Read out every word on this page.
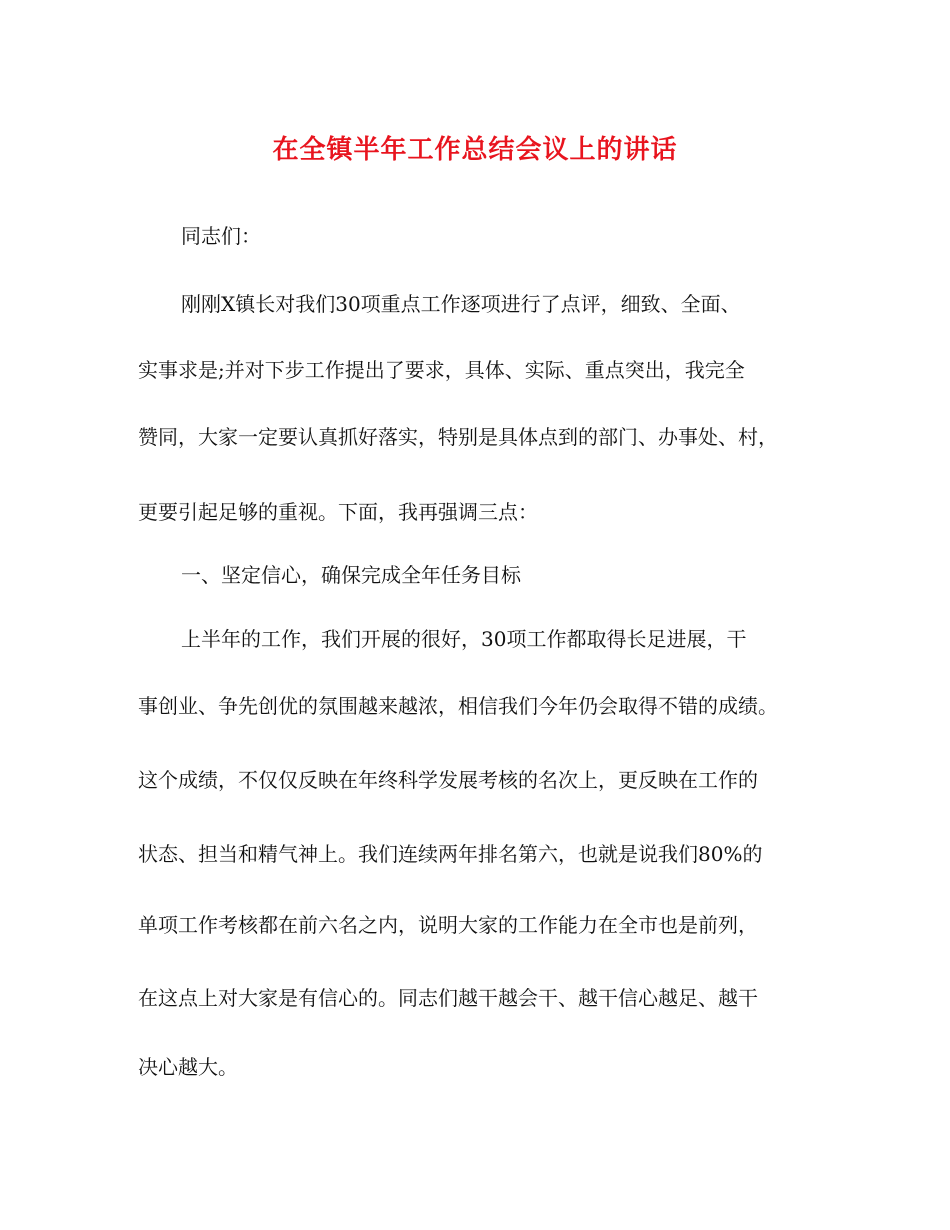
在全镇半年工作总结会议上的讲话

同志们：

刚刚X镇长对我们30项重点工作逐项进行了点评，细致、全面、

实事求是;并对下步工作提出了要求，具体、实际、重点突出，我完全

赞同，大家一定要认真抓好落实，特别是具体点到的部门、办事处、村，

更要引起足够的重视。下面，我再强调三点：

一、坚定信心，确保完成全年任务目标

上半年的工作，我们开展的很好，30项工作都取得长足进展，干

事创业、争先创优的氛围越来越浓，相信我们今年仍会取得不错的成绩。

这个成绩，不仅仅反映在年终科学发展考核的名次上，更反映在工作的

状态、担当和精气神上。我们连续两年排名第六，也就是说我们80%的

单项工作考核都在前六名之内，说明大家的工作能力在全市也是前列，

在这点上对大家是有信心的。同志们越干越会干、越干信心越足、越干

决心越大。
